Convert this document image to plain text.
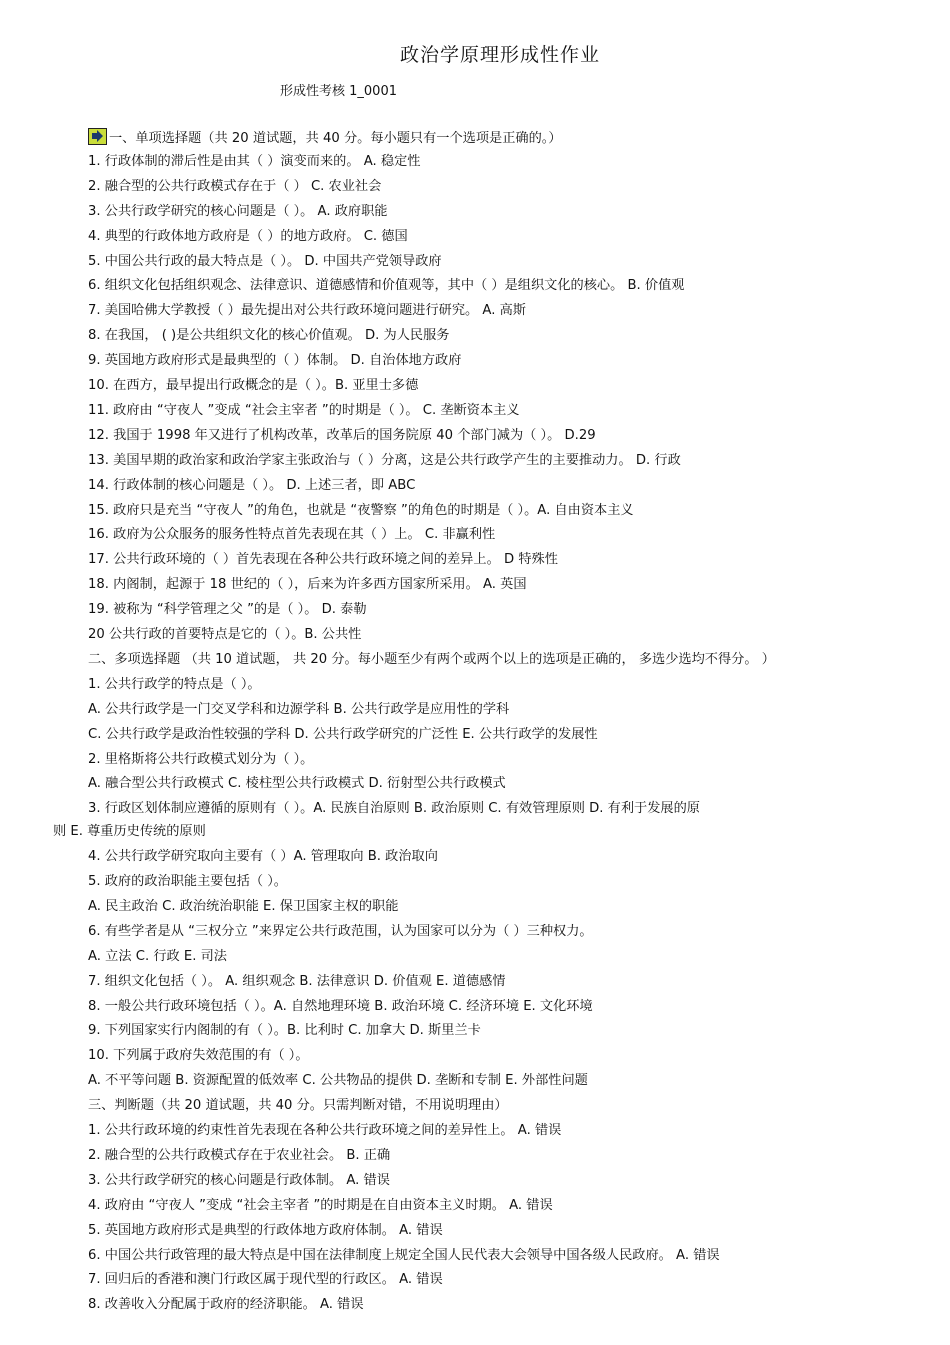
政治学原理形成性作业
形成性考核 1_0001
一、单项选择题（共 20 道试题，共 40 分。每小题只有一个选项是正确的。）
1. 行政体制的滞后性是由其（ ）演变而来的。 A. 稳定性
2. 融合型的公共行政模式存在于（ ） C. 农业社会
3. 公共行政学研究的核心问题是（ ）。 A. 政府职能
4. 典型的行政体地方政府是（ ）的地方政府。 C. 德国
5. 中国公共行政的最大特点是（ ）。 D. 中国共产党领导政府
6. 组织文化包括组织观念、法律意识、道德感情和价值观等，其中（ ）是组织文化的核心。 B. 价值观
7. 美国哈佛大学教授（ ）最先提出对公共行政环境问题进行研究。 A. 高斯
8. 在我国， ( )是公共组织文化的核心价值观。 D. 为人民服务
9. 英国地方政府形式是最典型的（ ）体制。 D. 自治体地方政府
10. 在西方，最早提出行政概念的是（ ）。B. 亚里士多德
11. 政府由 “守夜人 ”变成 “社会主宰者 ”的时期是（ ）。 C. 垄断资本主义
12. 我国于 1998 年又进行了机构改革，改革后的国务院原 40 个部门减为（ ）。 D.29
13. 美国早期的政治家和政治学家主张政治与（ ）分离，这是公共行政学产生的主要推动力。 D. 行政
14. 行政体制的核心问题是（ ）。 D. 上述三者，即 ABC
15. 政府只是充当 “守夜人 ”的角色，也就是 “夜警察 ”的角色的时期是（ ）。A. 自由资本主义
16. 政府为公众服务的服务性特点首先表现在其（ ）上。 C. 非赢利性
17. 公共行政环境的（ ）首先表现在各种公共行政环境之间的差异上。 D 特殊性
18. 内阁制，起源于 18 世纪的（ ），后来为许多西方国家所采用。 A. 英国
19. 被称为 “科学管理之父 ”的是（ ）。 D. 泰勒
20 公共行政的首要特点是它的（ ）。B. 公共性
二、多项选择题 （共 10 道试题， 共 20 分。每小题至少有两个或两个以上的选项是正确的， 多选少选均不得分。 ）
1. 公共行政学的特点是（ ）。
A. 公共行政学是一门交叉学科和边源学科 B. 公共行政学是应用性的学科
C. 公共行政学是政治性较强的学科 D. 公共行政学研究的广泛性 E. 公共行政学的发展性
2. 里格斯将公共行政模式划分为（ ）。
A. 融合型公共行政模式 C. 棱柱型公共行政模式 D. 衍射型公共行政模式
3. 行政区划体制应遵循的原则有（ ）。A. 民族自治原则 B. 政治原则 C. 有效管理原则 D. 有利于发展的原
则 E. 尊重历史传统的原则
4. 公共行政学研究取向主要有（ ）A. 管理取向 B. 政治取向
5. 政府的政治职能主要包括（ ）。
A. 民主政治 C. 政治统治职能 E. 保卫国家主权的职能
6. 有些学者是从 “三权分立 ”来界定公共行政范围，认为国家可以分为（ ）三种权力。
A. 立法 C. 行政 E. 司法
7. 组织文化包括（ ）。 A. 组织观念 B. 法律意识 D. 价值观 E. 道德感情
8. 一般公共行政环境包括（ ）。A. 自然地理环境 B. 政治环境 C. 经济环境 E. 文化环境
9. 下列国家实行内阁制的有（ ）。B. 比利时 C. 加拿大 D. 斯里兰卡
10. 下列属于政府失效范围的有（ ）。
A. 不平等问题 B. 资源配置的低效率 C. 公共物品的提供 D. 垄断和专制 E. 外部性问题
三、判断题（共 20 道试题，共 40 分。只需判断对错，不用说明理由）
1. 公共行政环境的约束性首先表现在各种公共行政环境之间的差异性上。 A. 错误
2. 融合型的公共行政模式存在于农业社会。 B. 正确
3. 公共行政学研究的核心问题是行政体制。 A. 错误
4. 政府由 “守夜人 ”变成 “社会主宰者 ”的时期是在自由资本主义时期。 A. 错误
5. 英国地方政府形式是典型的行政体地方政府体制。 A. 错误
6. 中国公共行政管理的最大特点是中国在法律制度上规定全国人民代表大会领导中国各级人民政府。 A. 错误
7. 回归后的香港和澳门行政区属于现代型的行政区。 A. 错误
8. 改善收入分配属于政府的经济职能。 A. 错误
